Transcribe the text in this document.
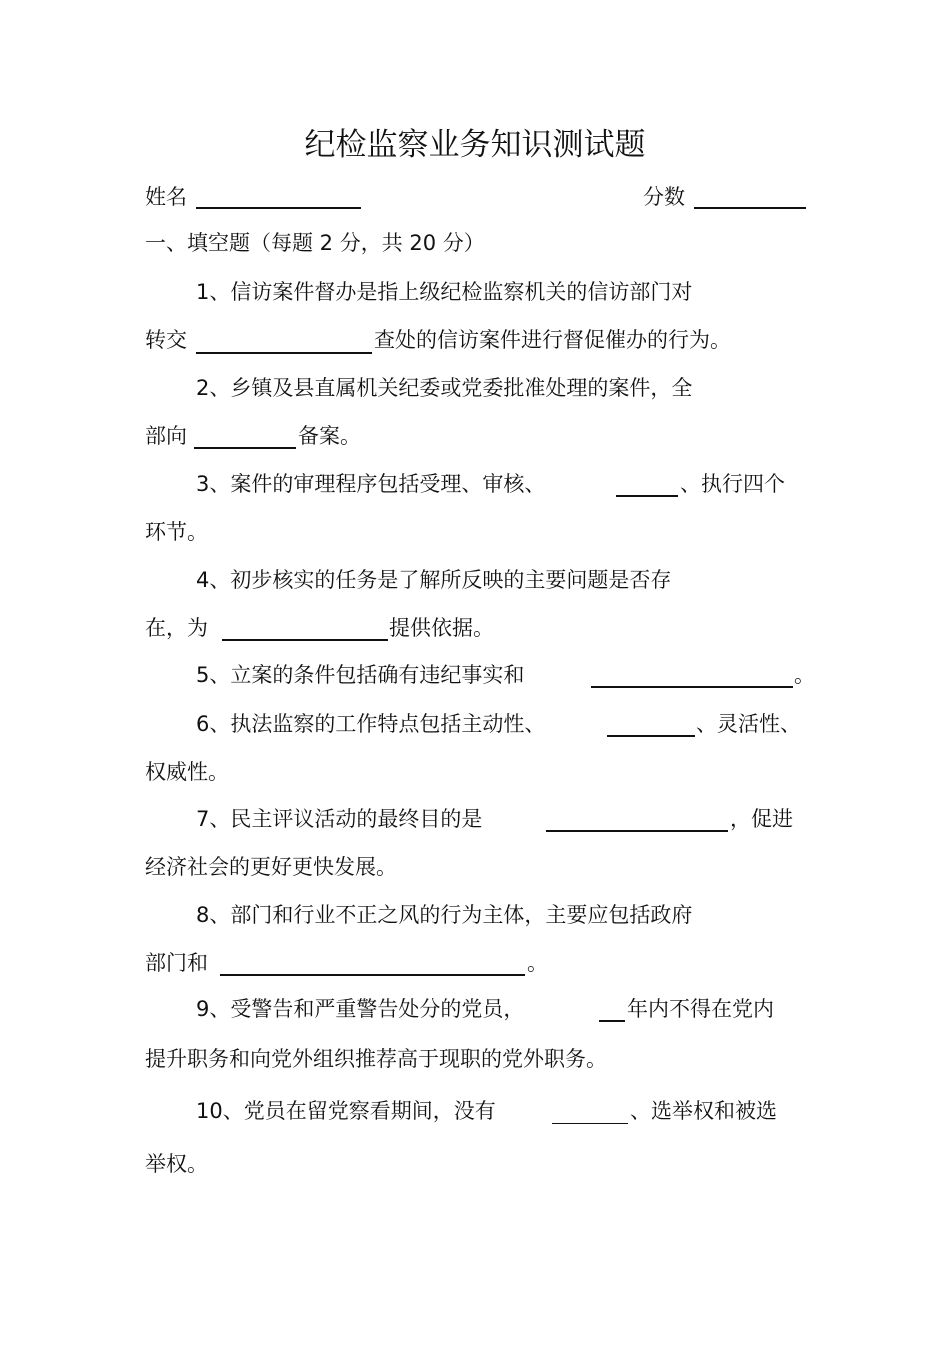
纪检监察业务知识测试题
姓名	分数
一、填空题（每题 2 分，共 20 分）
1、信访案件督办是指上级纪检监察机关的信访部门对
转交	查处的信访案件进行督促催办的行为。
2、乡镇及县直属机关纪委或党委批准处理的案件，全
部向	备案。
3、案件的审理程序包括受理、审核、	、执行四个
环节。
4、初步核实的任务是了解所反映的主要问题是否存
在，为	提供依据。
5、立案的条件包括确有违纪事实和	。
6、执法监察的工作特点包括主动性、	、灵活性、
权威性。
7、民主评议活动的最终目的是	，促进
经济社会的更好更快发展。
8、部门和行业不正之风的行为主体，主要应包括政府
部门和	。
9、受警告和严重警告处分的党员，	年内不得在党内
提升职务和向党外组织推荐高于现职的党外职务。
10、党员在留党察看期间，没有	、选举权和被选
举权。
